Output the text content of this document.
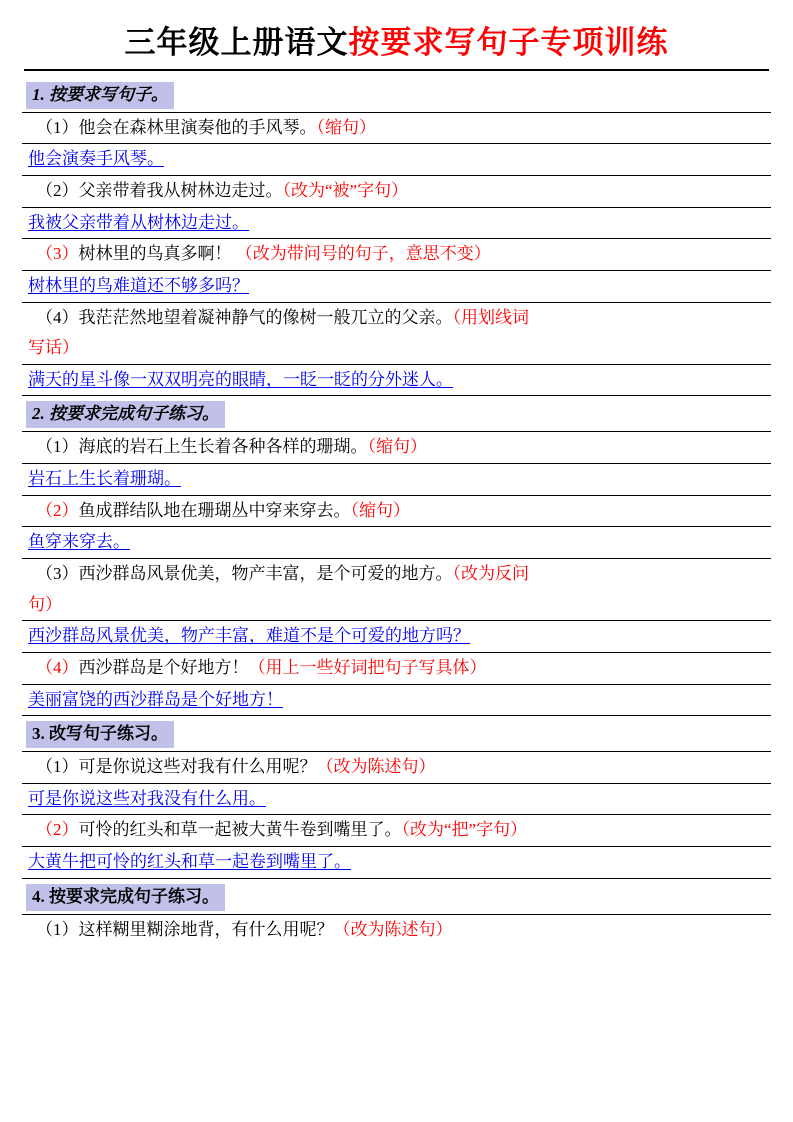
三年级上册语文按要求写句子专项训练
1. 按要求写句子。
（1）他会在森林里演奏他的手风琴。（缩句）
他会演奏手风琴。
（2）父亲带着我从树林边走过。（改为“被”字句）
我被父亲带着从树林边走过。
（3）树林里的鸟真多啊！ （改为带问号的句子，意思不变）
树林里的鸟难道还不够多吗？
（4）我茫茫然地望着凝神静气的像树一般兀立的父亲。（用划线词
写话）
满天的星斗像一双双明亮的眼睛，一眨一眨的分外迷人。
2. 按要求完成句子练习。
（1）海底的岩石上生长着各种各样的珊瑚。（缩句）
岩石上生长着珊瑚。
（2）鱼成群结队地在珊瑚丛中穿来穿去。（缩句）
鱼穿来穿去。
（3）西沙群岛风景优美，物产丰富，是个可爱的地方。（改为反问
句）
西沙群岛风景优美，物产丰富，难道不是个可爱的地方吗？
（4）西沙群岛是个好地方！（用上一些好词把句子写具体）
美丽富饶的西沙群岛是个好地方！
3. 改写句子练习。
（1）可是你说这些对我有什么用呢？（改为陈述句）
可是你说这些对我没有什么用。
（2）可怜的红头和草一起被大黄牛卷到嘴里了。（改为“把”字句）
大黄牛把可怜的红头和草一起卷到嘴里了。
4. 按要求完成句子练习。
（1）这样糊里糊涂地背，有什么用呢？（改为陈述句）
